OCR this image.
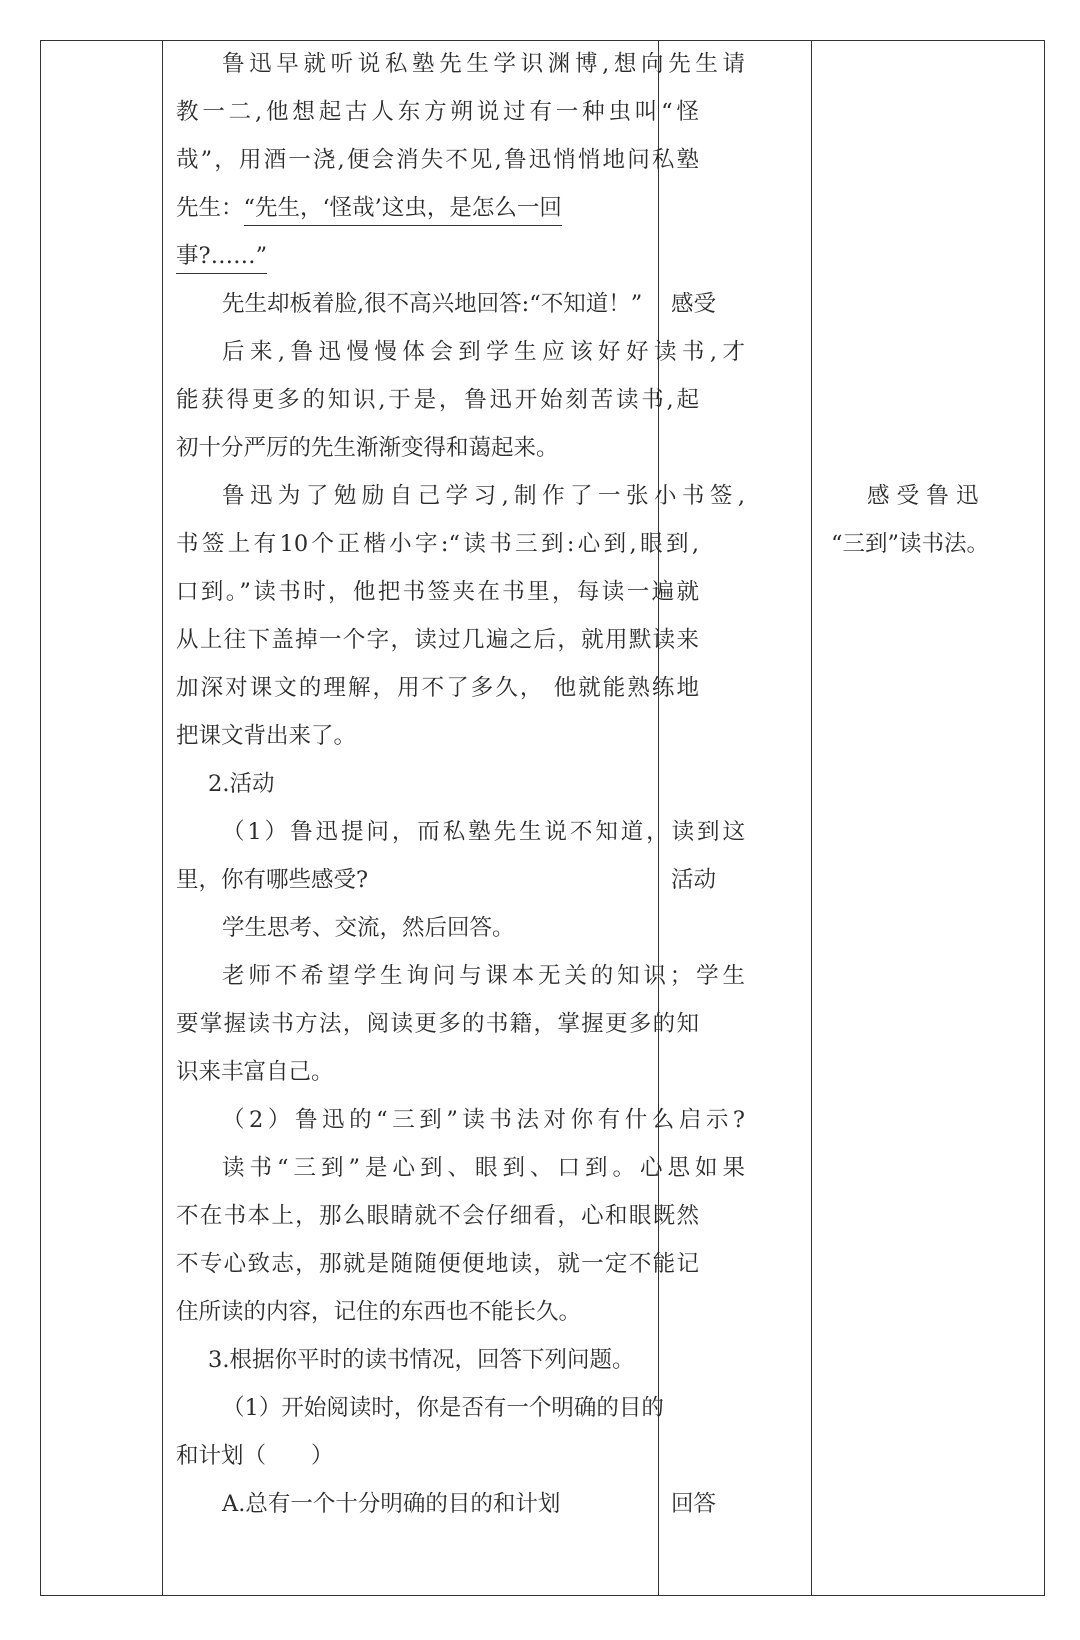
鲁迅早就听说私塾先生学识渊博,想向先生请
教一二,他想起古人东方朔说过有一种虫叫“怪
哉”，用酒一浇,便会消失不见,鲁迅悄悄地问私塾
先生：“先生，‘怪哉’这虫，是怎么一回
事?……”
先生却板着脸,很不高兴地回答:“不知道！”
后来,鲁迅慢慢体会到学生应该好好读书,才
能获得更多的知识,于是，鲁迅开始刻苦读书,起
初十分严厉的先生渐渐变得和蔼起来。
鲁迅为了勉励自己学习,制作了一张小书签,
书签上有10个正楷小字:“读书三到:心到,眼到,
口到。”读书时，他把书签夹在书里，每读一遍就
从上往下盖掉一个字，读过几遍之后，就用默读来
加深对课文的理解，用不了多久， 他就能熟练地
把课文背出来了。
2.活动
（1）鲁迅提问，而私塾先生说不知道，读到这
里，你有哪些感受?
学生思考、交流，然后回答。
老师不希望学生询问与课本无关的知识；学生
要掌握读书方法，阅读更多的书籍，掌握更多的知
识来丰富自己。
（2）鲁迅的“三到”读书法对你有什么启示?
读书“三到”是心到、眼到、口到。心思如果
不在书本上，那么眼睛就不会仔细看，心和眼既然
不专心致志，那就是随随便便地读，就一定不能记
住所读的内容，记住的东西也不能长久。
3.根据你平时的读书情况，回答下列问题。
（1）开始阅读时，你是否有一个明确的目的
和计划（　　）
A.总有一个十分明确的目的和计划
感受
活动
回答
感 受 鲁 迅
“三到”读书法。
